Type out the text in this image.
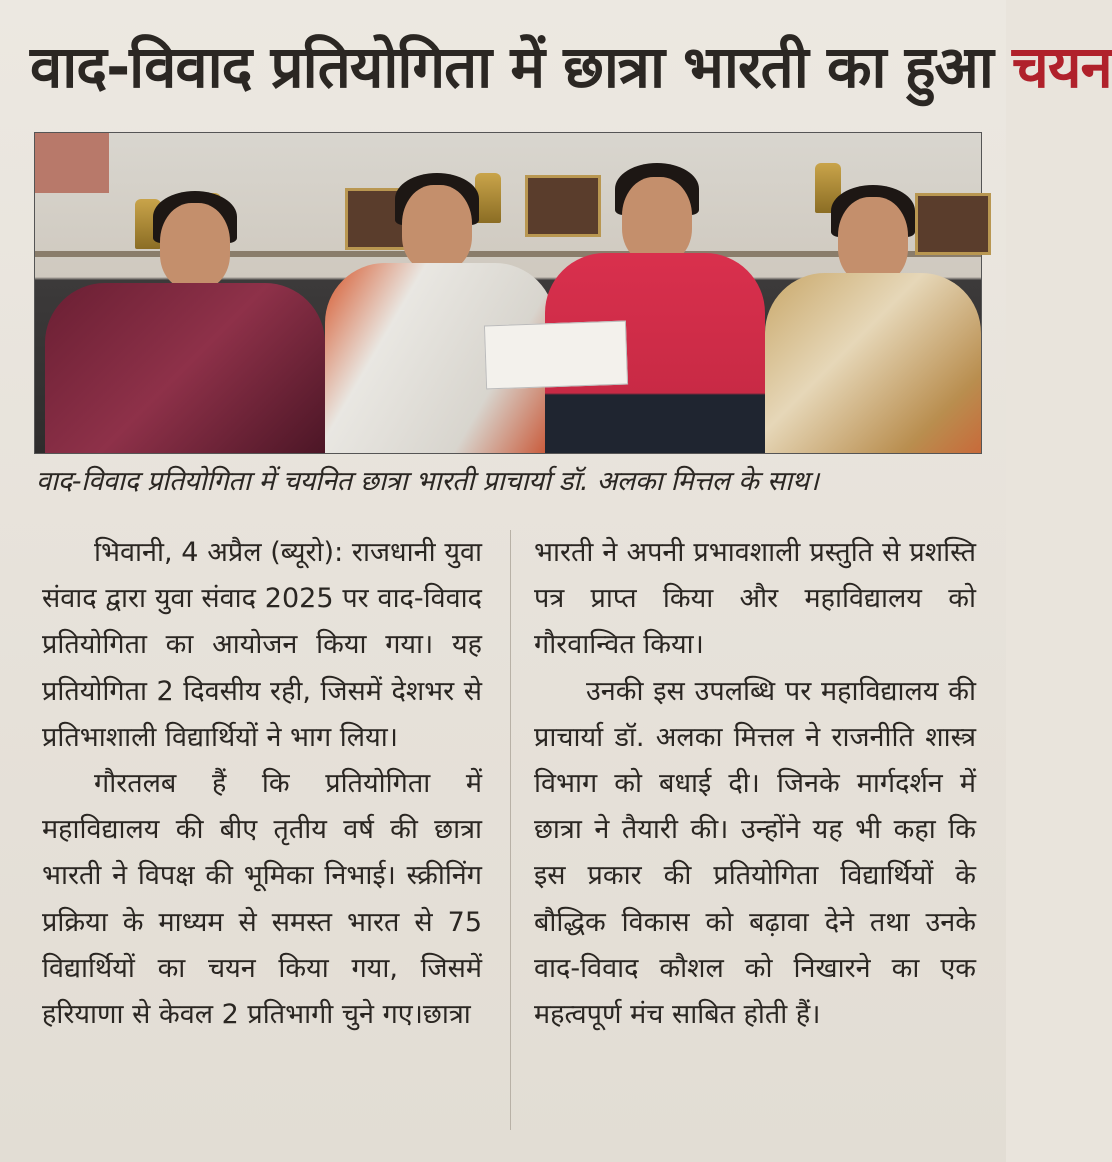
वाद-विवाद प्रतियोगिता में छात्रा भारती का हुआ चयन
वाद-विवाद प्रतियोगिता में चयनित छात्रा भारती प्राचार्या डॉ. अलका मित्तल के साथ।

भिवानी, 4 अप्रैल (ब्यूरो): राजधानी युवा संवाद द्वारा युवा संवाद 2025 पर वाद-विवाद प्रतियोगिता का आयोजन किया गया। यह प्रतियोगिता 2 दिवसीय रही, जिसमें देशभर से प्रतिभाशाली विद्यार्थियों ने भाग लिया।

गौरतलब हैं कि प्रतियोगिता में महाविद्यालय की बीए तृतीय वर्ष की छात्रा भारती ने विपक्ष की भूमिका निभाई। स्क्रीनिंग प्रक्रिया के माध्यम से समस्त भारत से 75 विद्यार्थियों का चयन किया गया, जिसमें हरियाणा से केवल 2 प्रतिभागी चुने गए।छात्रा

भारती ने अपनी प्रभावशाली प्रस्तुति से प्रशस्ति पत्र प्राप्त किया और महाविद्यालय को गौरवान्वित किया।

उनकी इस उपलब्धि पर महाविद्यालय की प्राचार्या डॉ. अलका मित्तल ने राजनीति शास्त्र विभाग को बधाई दी। जिनके मार्गदर्शन में छात्रा ने तैयारी की। उन्होंने यह भी कहा कि इस प्रकार की प्रतियोगिता विद्यार्थियों के बौद्धिक विकास को बढ़ावा देने तथा उनके वाद-विवाद कौशल को निखारने का एक महत्वपूर्ण मंच साबित होती हैं।
